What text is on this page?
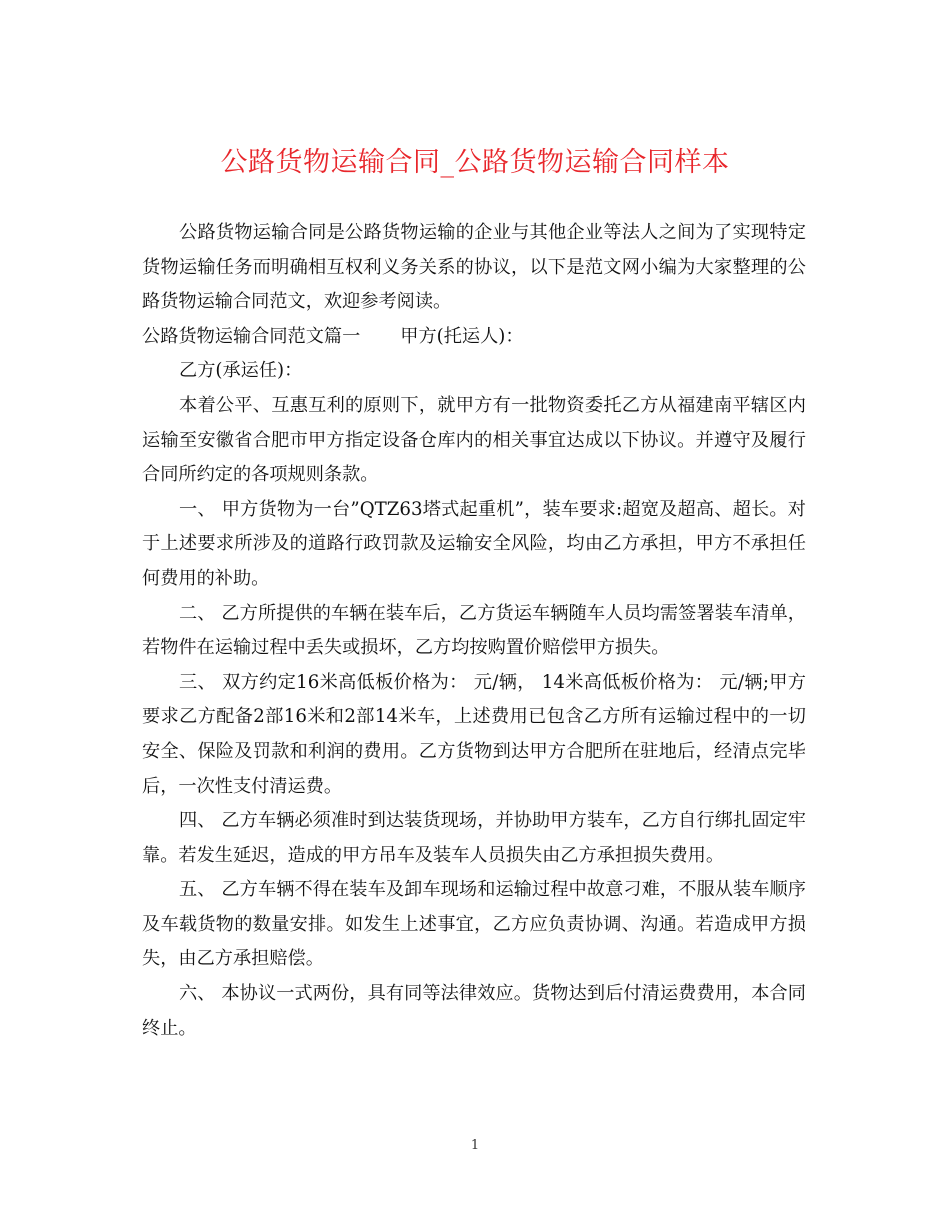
公路货物运输合同_公路货物运输合同样本

公路货物运输合同是公路货物运输的企业与其他企业等法人之间为了实现特定货物运输任务而明确相互权利义务关系的协议，以下是范文网小编为大家整理的公路货物运输合同范文，欢迎参考阅读。

公路货物运输合同范文篇一 甲方(托运人)：

乙方(承运任)：

本着公平、互惠互利的原则下，就甲方有一批物资委托乙方从福建南平辖区内运输至安徽省合肥市甲方指定设备仓库内的相关事宜达成以下协议。并遵守及履行合同所约定的各项规则条款。

一、 甲方货物为一台”QTZ63塔式起重机”，装车要求:超宽及超高、超长。对于上述要求所涉及的道路行政罚款及运输安全风险，均由乙方承担，甲方不承担任何费用的补助。

二、 乙方所提供的车辆在装车后，乙方货运车辆随车人员均需签署装车清单，若物件在运输过程中丢失或损坏，乙方均按购置价赔偿甲方损失。

三、 双方约定16米高低板价格为： 元/辆， 14米高低板价格为： 元/辆;甲方要求乙方配备2部16米和2部14米车，上述费用已包含乙方所有运输过程中的一切安全、保险及罚款和利润的费用。乙方货物到达甲方合肥所在驻地后，经清点完毕后，一次性支付清运费。

四、 乙方车辆必须准时到达装货现场，并协助甲方装车，乙方自行绑扎固定牢靠。若发生延迟，造成的甲方吊车及装车人员损失由乙方承担损失费用。

五、 乙方车辆不得在装车及卸车现场和运输过程中故意刁难，不服从装车顺序及车载货物的数量安排。如发生上述事宜，乙方应负责协调、沟通。若造成甲方损失，由乙方承担赔偿。

六、 本协议一式两份，具有同等法律效应。货物达到后付清运费费用，本合同终止。

1
